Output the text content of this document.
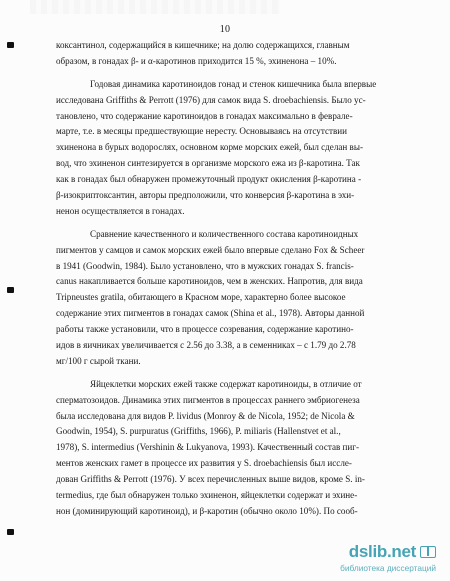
10
коксантинол, содержащийся в кишечнике; на долю содержащихся, главным
образом, в гонадах β- и α-каротинов приходится 15 %, эхиненона – 10%.
Годовая динамика каротиноидов гонад и стенок кишечника была впервые
исследована Griffiths & Perrott (1976) для самок вида S. droebachiensis. Было ус-
тановлено, что содержание каротиноидов в гонадах максимально в феврале-
марте, т.е. в месяцы предшествующие нересту. Основываясь на отсутствии
эхиненона в бурых водорослях, основном корме морских ежей, был сделан вы-
вод, что эхиненон синтезируется в организме морского ежа из β-каротина. Так
как в гонадах был обнаружен промежуточный продукт окисления β-каротина -
β-изокриптоксантин, авторы предположили, что конверсия β-каротина в эхи-
ненон осуществляется в гонадах.
Сравнение качественного и количественного состава каротиноидных
пигментов у самцов и самок морских ежей было впервые сделано Fox & Scheer
в 1941 (Goodwin, 1984). Было установлено, что в мужских гонадах S. francis-
canus накапливается больше каротиноидов, чем в женских. Напротив, для вида
Tripneustes gratila, обитающего в Красном море, характерно более высокое
содержание этих пигментов в гонадах самок (Shina et al., 1978). Авторы данной
работы также установили, что в процессе созревания, содержание каротино-
идов в яичниках увеличивается с 2.56 до 3.38, а в семенниках – с 1.79 до 2.78
мг/100 г сырой ткани.
Яйцеклетки морских ежей также содержат каротиноиды, в отличие от
сперматозоидов. Динамика этих пигментов в процессах раннего эмбриогенеза
была исследована для видов P. lividus (Monroy & de Nicola, 1952; de Nicola &
Goodwin, 1954), S. purpuratus (Griffiths, 1966), P. miliaris (Hallenstvet et al.,
1978), S. intermedius (Vershinin & Lukyanova, 1993). Качественный состав пиг-
ментов женских гамет в процессе их развития у S. droebachiensis был иссле-
дован Griffiths & Perrott (1976). У всех перечисленных выше видов, кроме S. in-
termedius, где был обнаружен только эхиненон, яйцеклетки содержат и эхине-
нон (доминирующий каротиноид), и β-каротин (обычно около 10%). По сооб-
dslib.net
библиотека диссертаций
